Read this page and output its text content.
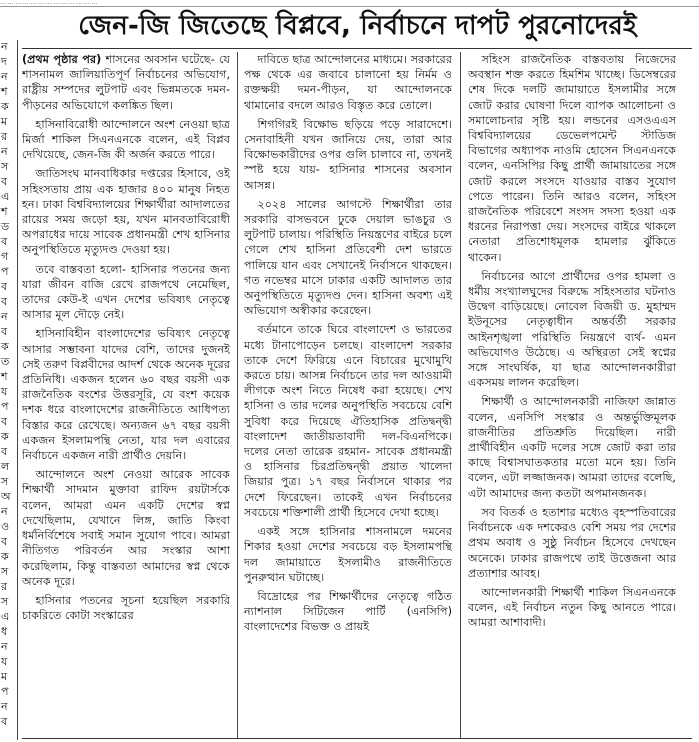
... ... ... ... ... ... ... ... ... ... ... ... ...
ন
দ
ন
শ
ক
ম
র
ন
স
ব
এ
শ
ড
ব
গ
প
ব
ব
ন
ব
ক
ত
শ
য
প
ব
ক
ব
ল
স
অ
ন
ও
ব
ক
স
র
স
এ
ধ
ন
য
ম
প
ন
ব
জেন-জি জিতেছে বিপ্লবে, নির্বাচনে দাপট পুরনোদেরই

(প্রথম পৃষ্ঠার পর) শাসনের অবসান ঘটেছে- যে শাসনামল জালিয়াতিপূর্ণ নির্বাচনের অভিযোগ, রাষ্ট্রীয় সম্পদের লুটপাট এবং ভিন্নমতকে দমন-পীড়নের অভিযোগে কলঙ্কিত ছিল।

হাসিনাবিরোধী আন্দোলনে অংশ নেওয়া ছাত্র মির্জা শাকিল সিএনএনকে বলেন, এই বিপ্লব দেখিয়েছে, জেন-জি কী অর্জন করতে পারে।

জাতিসংঘ মানবাধিকার দপ্তরের হিসাবে, ওই সহিংসতায় প্রায় এক হাজার ৪০০ মানুষ নিহত হন। ঢাকা বিশ্ববিদ্যালয়ের শিক্ষার্থীরা আদালতের রায়ের সময় জড়ো হয়, যখন মানবতাবিরোধী অপরাধের দায়ে সাবেক প্রধানমন্ত্রী শেখ হাসিনার অনুপস্থিতিতে মৃত্যুদণ্ড দেওয়া হয়।

তবে বাস্তবতা হলো- হাসিনার পতনের জন্য যারা জীবন বাজি রেখে রাজপথে নেমেছিল, তাদের কেউ-ই এখন দেশের ভবিষ্যৎ নেতৃত্বে আসার মূল দৌড়ে নেই।

হাসিনাবিহীন বাংলাদেশের ভবিষ্যৎ নেতৃত্বে আসার সম্ভাবনা যাদের বেশি, তাদের দুজনই সেই তরুণ বিপ্লবীদের আদর্শ থেকে অনেক দূরের প্রতিনিধি। একজন হলেন ৬০ বছর বয়সী এক রাজনৈতিক বংশের উত্তরসূরি, যে বংশ কয়েক দশক ধরে বাংলাদেশের রাজনীতিতে আধিপত্য বিস্তার করে রেখেছে। অন্যজন ৬৭ বছর বয়সী একজন ইসলামপন্থি নেতা, যার দল এবারের নির্বাচনে একজন নারী প্রার্থীও দেয়নি।

আন্দোলনে অংশ নেওয়া আরেক সাবেক শিক্ষার্থী সাদমান মুক্তাবা রাফিদ রয়টার্সকে বলেন, আমরা এমন একটি দেশের স্বপ্ন দেখেছিলাম, যেখানে লিঙ্গ, জাতি কিংবা ধর্মনির্বিশেষে সবাই সমান সুযোগ পাবে। আমরা নীতিগত পরিবর্তন আর সংস্কার আশা করেছিলাম, কিন্তু বাস্তবতা আমাদের স্বপ্ন থেকে অনেক দূরে।

হাসিনার পতনের সূচনা হয়েছিল সরকারি চাকরিতে কোটা সংস্কারের

দাবিতে ছাত্র আন্দোলনের মাধ্যমে। সরকারের পক্ষ থেকে এর জবাবে চালানো হয় নির্মম ও রক্তক্ষয়ী দমন-পীড়ন, যা আন্দোলনকে থামানোর বদলে আরও বিস্তৃত করে তোলে।

শিগগিরই বিক্ষোভ ছড়িয়ে পড়ে সারাদেশে। সেনাবাহিনী যখন জানিয়ে দেয়, তারা আর বিক্ষোভকারীদের ওপর গুলি চালাবে না, তখনই স্পষ্ট হয়ে যায়- হাসিনার শাসনের অবসান আসন্ন।

২০২৪ সালের আগস্টে শিক্ষার্থীরা তার সরকারি বাসভবনে ঢুকে দেয়াল ভাঙচুর ও লুটপাট চালায়। পরিস্থিতি নিয়ন্ত্রণের বাইরে চলে গেলে শেখ হাসিনা প্রতিবেশী দেশ ভারতে পালিয়ে যান এবং সেখানেই নির্বাসনে থাকছেন। গত নভেম্বর মাসে ঢাকার একটি আদালত তার অনুপস্থিতিতে মৃত্যুদণ্ড দেন। হাসিনা অবশ্য এই অভিযোগ অস্বীকার করেছেন।

বর্তমানে তাকে ঘিরে বাংলাদেশ ও ভারতের মধ্যে টানাপোড়েন চলছে। বাংলাদেশ সরকার তাকে দেশে ফিরিয়ে এনে বিচারের মুখোমুখি করতে চায়। আসন্ন নির্বাচনে তার দল আওয়ামী লীগকে অংশ নিতে নিষেধ করা হয়েছে। শেখ হাসিনা ও তার দলের অনুপস্থিতি সবচেয়ে বেশি সুবিধা করে দিয়েছে ঐতিহাসিক প্রতিদ্বন্দ্বী বাংলাদেশ জাতীয়তাবাদী দল-বিএনপিকে। দলের নেতা তারেক রহমান- সাবেক প্রধানমন্ত্রী ও হাসিনার চিরপ্রতিদ্বন্দ্বী প্রয়াত খালেদা জিয়ার পুত্র। ১৭ বছর নির্বাসনে থাকার পর দেশে ফিরেছেন। তাকেই এখন নির্বাচনের সবচেয়ে শক্তিশালী প্রার্থী হিসেবে দেখা হচ্ছে।

একই সঙ্গে হাসিনার শাসনামলে দমনের শিকার হওয়া দেশের সবচেয়ে বড় ইসলামপন্থি দল জামায়াতে ইসলামীও রাজনীতিতে পুনরুত্থান ঘটাচ্ছে।

বিদ্রোহের পর শিক্ষার্থীদের নেতৃত্বে গঠিত ন্যাশনাল সিটিজেন পার্টি (এনসিপি) বাংলাদেশের বিভক্ত ও প্রায়ই

সহিংস রাজনৈতিক বাস্তবতায় নিজেদের অবস্থান শক্ত করতে হিমশিম খাচ্ছে। ডিসেম্বরের শেষ দিকে দলটি জামায়াতে ইসলামীর সঙ্গে জোট করার ঘোষণা দিলে ব্যাপক আলোচনা ও সমালোচনার সৃষ্টি হয়। লন্ডনের এসওএএস বিশ্ববিদ্যালয়ের ডেভেলপমেন্ট স্টাডিজ বিভাগের অধ্যাপক নাওমি হোসেন সিএনএনকে বলেন, এনসিপির কিছু প্রার্থী জামায়াতের সঙ্গে জোট করলে সংসদে যাওয়ার বাস্তব সুযোগ পেতে পারেন। তিনি আরও বলেন, সহিংস রাজনৈতিক পরিবেশে সংসদ সদস্য হওয়া এক ধরনের নিরাপত্তা দেয়। সংসদের বাইরে থাকলে নেতারা প্রতিশোধমূলক হামলার ঝুঁকিতে থাকেন।

নির্বাচনের আগে প্রার্থীদের ওপর হামলা ও ধর্মীয় সংখ্যালঘুদের বিরুদ্ধে সহিংসতার ঘটনাও উদ্বেগ বাড়িয়েছে। নোবেল বিজয়ী ড. মুহাম্মদ ইউনূসের নেতৃত্বাধীন অন্তর্বর্তী সরকার আইনশৃঙ্খলা পরিস্থিতি নিয়ন্ত্রণে ব্যর্থ- এমন অভিযোগও উঠেছে। এ অস্থিরতা সেই স্বপ্নের সঙ্গে সাংঘর্ষিক, যা ছাত্র আন্দোলনকারীরা একসময় লালন করেছিল।

শিক্ষার্থী ও আন্দোলনকারী নাজিফা জান্নাত বলেন, এনসিপি সংস্কার ও অন্তর্ভুক্তিমূলক রাজনীতির প্রতিশ্রুতি দিয়েছিল। নারী প্রার্থীবিহীন একটি দলের সঙ্গে জোট করা তার কাছে বিশ্বাসঘাতকতার মতো মনে হয়। তিনি বলেন, এটা লজ্জাজনক। আমরা তাদের বলেছি, এটা আমাদের জন্য কতটা অপমানজনক।

সব বিতর্ক ও হতাশার মধ্যেও বৃহস্পতিবারের নির্বাচনকে এক দশকেরও বেশি সময় পর দেশের প্রথম অবাধ ও সুষ্ঠু নির্বাচন হিসেবে দেখছেন অনেকে। ঢাকার রাজপথে তাই উত্তেজনা আর প্রত্যাশার আবহ।

আন্দোলনকারী শিক্ষার্থী শাকিল সিএনএনকে বলেন, এই নির্বাচন নতুন কিছু আনতে পারে। আমরা আশাবাদী।
